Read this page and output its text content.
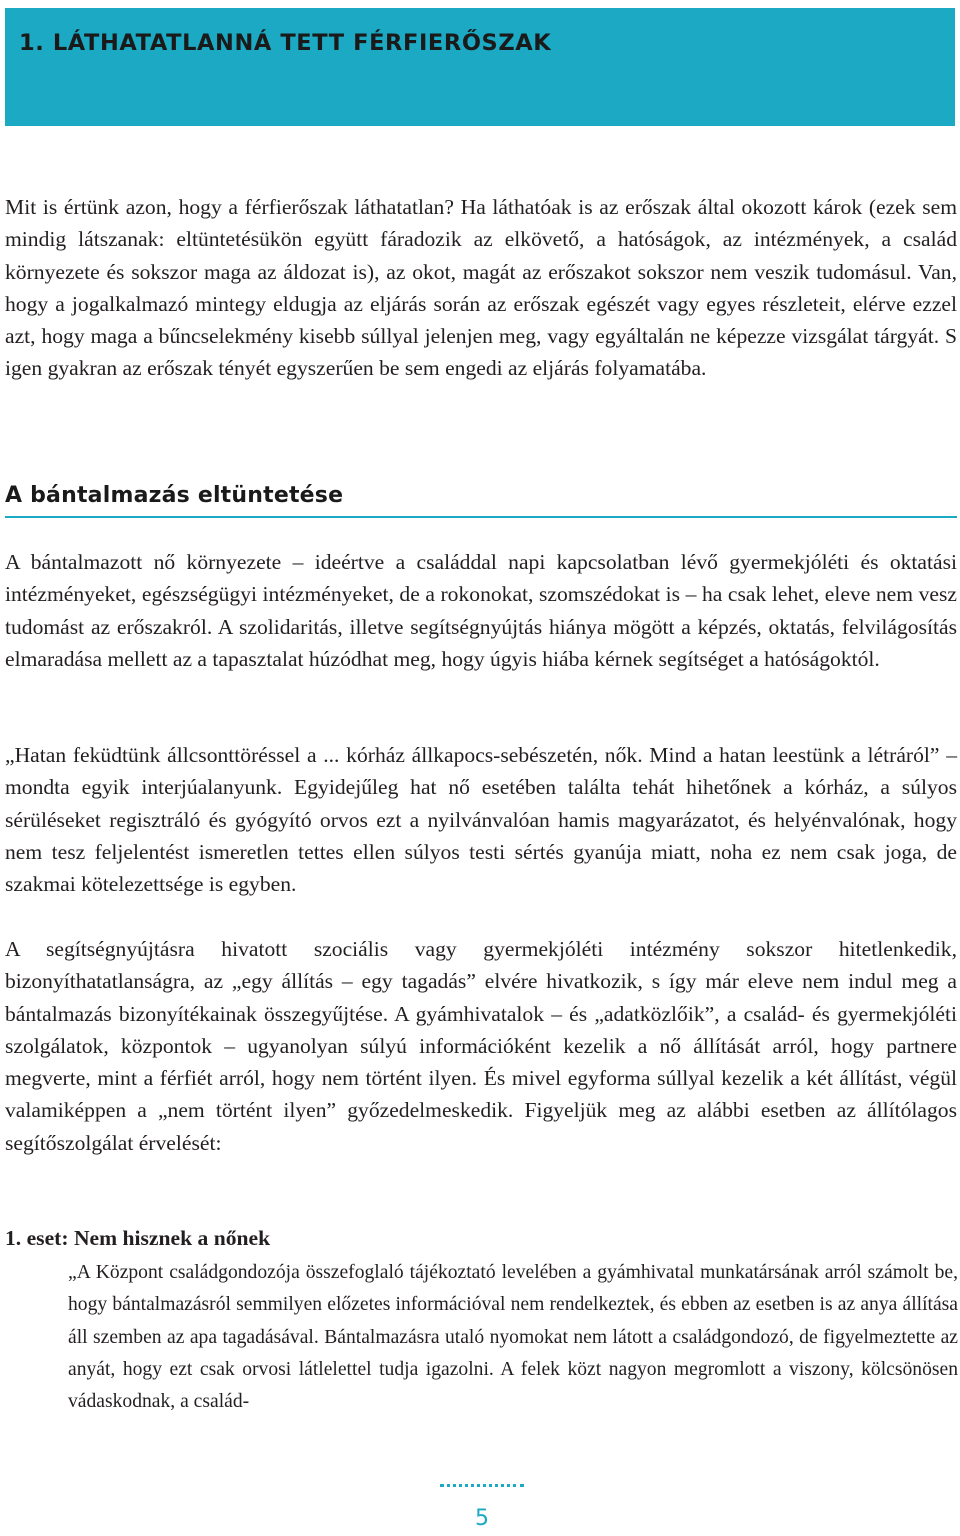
1. LÁTHATATLANNÁ TETT FÉRFIERŐSZAK

Mit is értünk azon, hogy a férfierőszak láthatatlan? Ha láthatóak is az erőszak által okozott károk (ezek sem mindig látszanak: eltüntetésükön együtt fáradozik az elkövető, a hatóságok, az intézmények, a család környezete és sokszor maga az áldozat is), az okot, magát az erőszakot sokszor nem veszik tudomásul. Van, hogy a jogalkalmazó mintegy eldugja az eljárás során az erőszak egészét vagy egyes részleteit, elérve ezzel azt, hogy maga a bűncselekmény kisebb súllyal jelenjen meg, vagy egyáltalán ne képezze vizsgálat tárgyát. S igen gyakran az erőszak tényét egyszerűen be sem engedi az eljárás folyamatába.

A bántalmazás eltüntetése

A bántalmazott nő környezete – ideértve a családdal napi kapcsolatban lévő gyermekjóléti és oktatási intézményeket, egészségügyi intézményeket, de a rokonokat, szomszédokat is – ha csak lehet, eleve nem vesz tudomást az erőszakról. A szolidaritás, illetve segítségnyújtás hiánya mögött a képzés, oktatás, felvilágosítás elmaradása mellett az a tapasztalat húzódhat meg, hogy úgyis hiába kérnek segítséget a hatóságoktól.

„Hatan feküdtünk állcsonttöréssel a ... kórház állkapocs-sebészetén, nők. Mind a hatan leestünk a létráról” – mondta egyik interjúalanyunk. Egyidejűleg hat nő esetében találta tehát hihetőnek a kórház, a súlyos sérüléseket regisztráló és gyógyító orvos ezt a nyilvánvalóan hamis magyarázatot, és helyénvalónak, hogy nem tesz feljelentést ismeretlen tettes ellen súlyos testi sértés gyanúja miatt, noha ez nem csak joga, de szakmai kötelezettsége is egyben.

A segítségnyújtásra hivatott szociális vagy gyermekjóléti intézmény sokszor hitetlenkedik, bizonyíthatatlanságra, az „egy állítás – egy tagadás” elvére hivatkozik, s így már eleve nem indul meg a bántalmazás bizonyítékainak összegyűjtése. A gyámhivatalok – és „adatközlőik”, a család- és gyermekjóléti szolgálatok, központok – ugyanolyan súlyú információként kezelik a nő állítását arról, hogy partnere megverte, mint a férfiét arról, hogy nem történt ilyen. És mivel egyforma súllyal kezelik a két állítást, végül valamiképpen a „nem történt ilyen” győzedelmeskedik. Figyeljük meg az alábbi esetben az állítólagos segítőszolgálat érvelését:

1. eset: Nem hisznek a nőnek

„A Központ családgondozója összefoglaló tájékoztató levelében a gyámhivatal munkatársának arról számolt be, hogy bántalmazásról semmilyen előzetes információval nem rendelkeztek, és ebben az esetben is az anya állítása áll szemben az apa tagadásával. Bántalmazásra utaló nyomokat nem látott a családgondozó, de figyelmeztette az anyát, hogy ezt csak orvosi látlelettel tudja igazolni. A felek közt nagyon megromlott a viszony, kölcsönösen vádaskodnak, a család-

5
